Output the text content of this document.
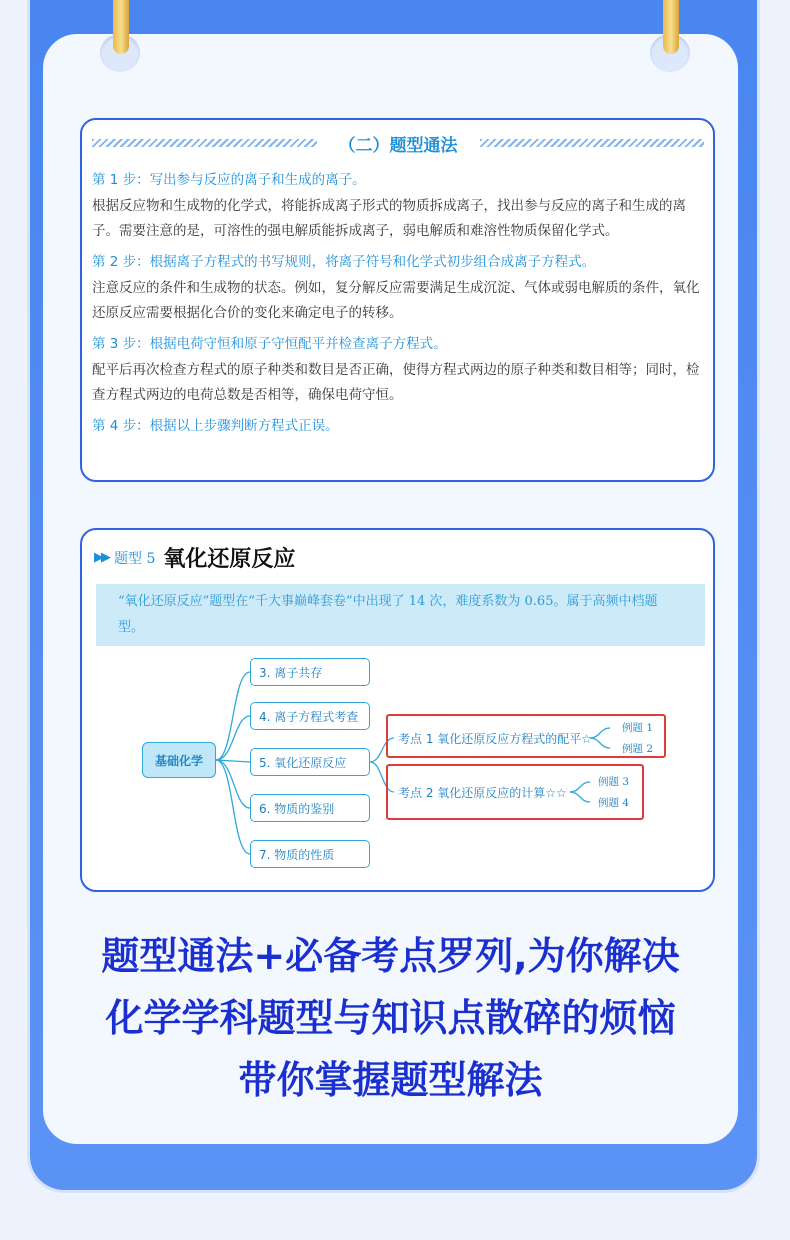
（二）题型通法
第 1 步：写出参与反应的离子和生成的离子。
根据反应物和生成物的化学式，将能拆成离子形式的物质拆成离子，找出参与反应的离子和生成的离子。需要注意的是，可溶性的强电解质能拆成离子，弱电解质和难溶性物质保留化学式。
第 2 步：根据离子方程式的书写规则，将离子符号和化学式初步组合成离子方程式。
注意反应的条件和生成物的状态。例如，复分解反应需要满足生成沉淀、气体或弱电解质的条件，氧化还原反应需要根据化合价的变化来确定电子的转移。
第 3 步：根据电荷守恒和原子守恒配平并检查离子方程式。
配平后再次检查方程式的原子种类和数目是否正确，使得方程式两边的原子种类和数目相等；同时，检查方程式两边的电荷总数是否相等，确保电荷守恒。
第 4 步：根据以上步骤判断方程式正误。
▶▶ 题型 5 氧化还原反应
“氧化还原反应”题型在“千大事巅峰套卷”中出现了 14 次，难度系数为 0.65。属于高频中档题型。
基础化学
3. 离子共存
4. 离子方程式考查
5. 氧化还原反应
6. 物质的鉴别
7. 物质的性质
考点 1 氧化还原反应方程式的配平☆
例题 1
例题 2
考点 2 氧化还原反应的计算☆☆
例题 3
例题 4
题型通法+必备考点罗列,为你解决
化学学科题型与知识点散碎的烦恼
带你掌握题型解法
